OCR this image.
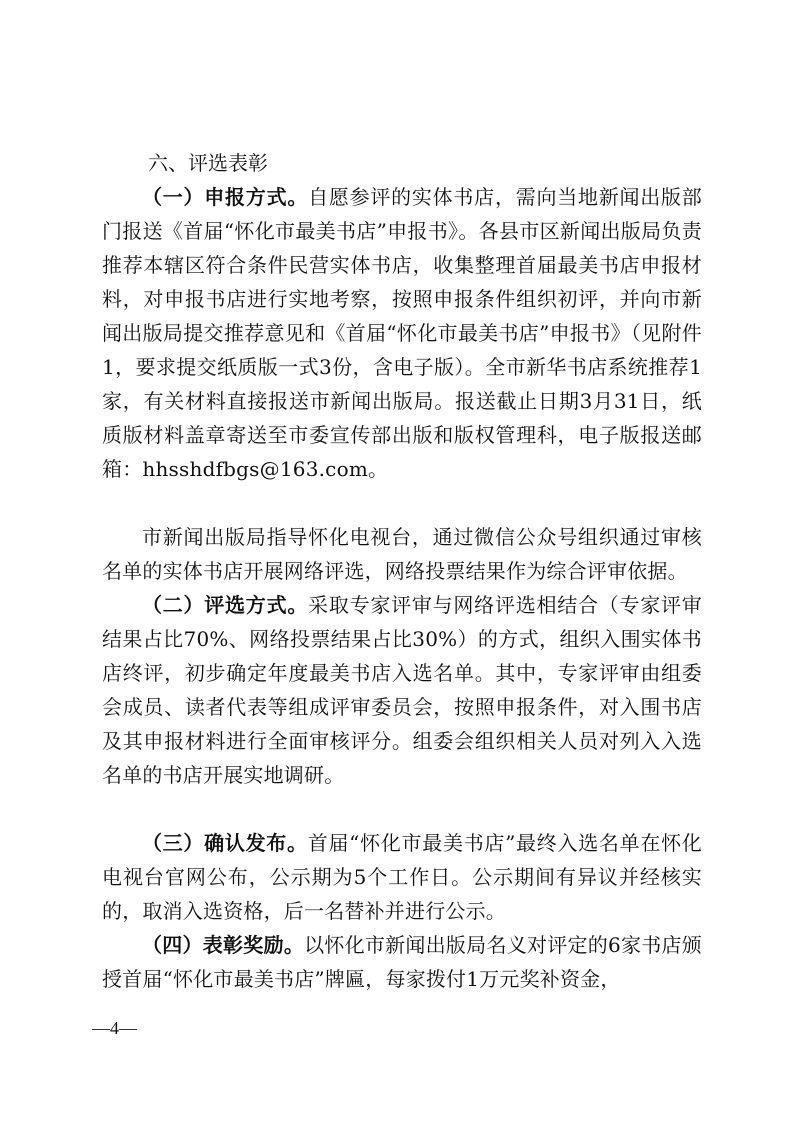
六、评选表彰

（一）申报方式。自愿参评的实体书店，需向当地新闻出版部门报送《首届“怀化市最美书店”申报书》。各县市区新闻出版局负责推荐本辖区符合条件民营实体书店，收集整理首届最美书店申报材料，对申报书店进行实地考察，按照申报条件组织初评，并向市新闻出版局提交推荐意见和《首届“怀化市最美书店”申报书》（见附件1，要求提交纸质版一式3份，含电子版）。全市新华书店系统推荐1家，有关材料直接报送市新闻出版局。报送截止日期3月31日，纸质版材料盖章寄送至市委宣传部出版和版权管理科，电子版报送邮箱：hhsshdfbgs@163.com。

市新闻出版局指导怀化电视台，通过微信公众号组织通过审核名单的实体书店开展网络评选，网络投票结果作为综合评审依据。

（二）评选方式。采取专家评审与网络评选相结合（专家评审结果占比70%、网络投票结果占比30%）的方式，组织入围实体书店终评，初步确定年度最美书店入选名单。其中，专家评审由组委会成员、读者代表等组成评审委员会，按照申报条件，对入围书店及其申报材料进行全面审核评分。组委会组织相关人员对列入入选名单的书店开展实地调研。

（三）确认发布。首届“怀化市最美书店”最终入选名单在怀化电视台官网公布，公示期为5个工作日。公示期间有异议并经核实的，取消入选资格，后一名替补并进行公示。

（四）表彰奖励。以怀化市新闻出版局名义对评定的6家书店颁授首届“怀化市最美书店”牌匾，每家拨付1万元奖补资金，

—4—
